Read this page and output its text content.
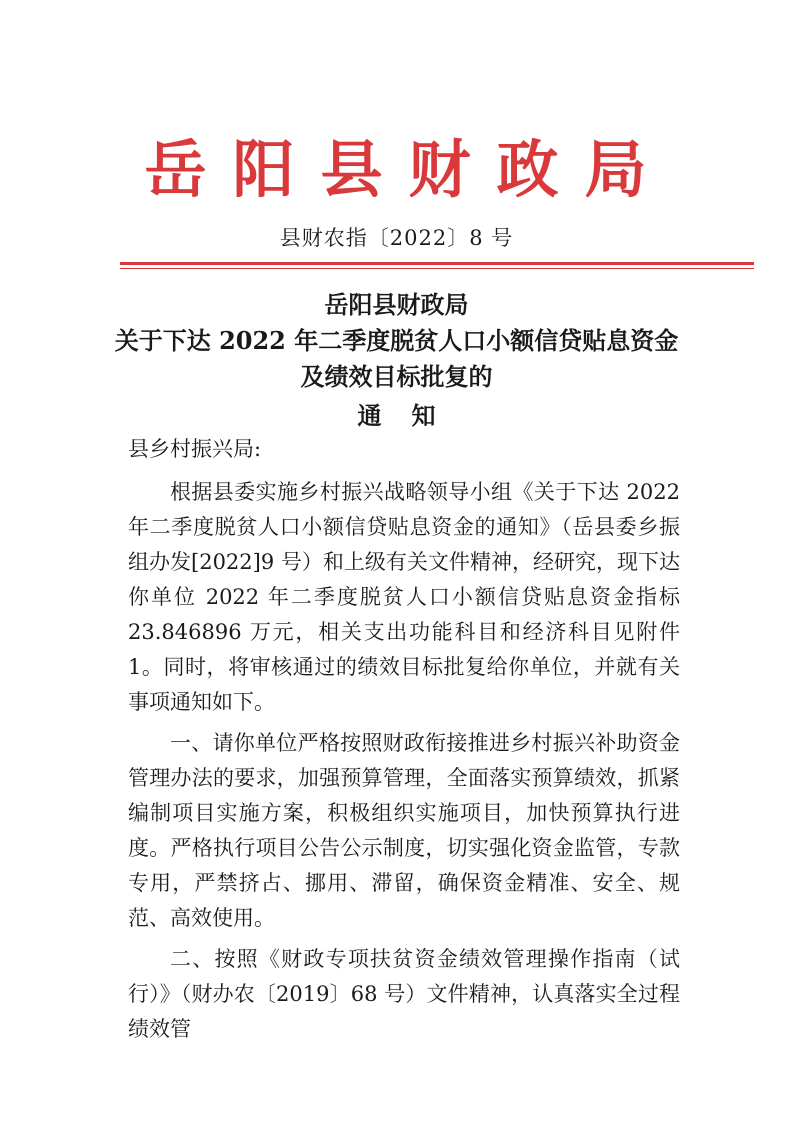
岳阳县财政局
县财农指〔2022〕8 号
岳阳县财政局
关于下达 2022 年二季度脱贫人口小额信贷贴息资金
及绩效目标批复的
通知

县乡村振兴局:

根据县委实施乡村振兴战略领导小组《关于下达 2022 年二季度脱贫人口小额信贷贴息资金的通知》（岳县委乡振组办发[2022]9 号）和上级有关文件精神，经研究，现下达你单位 2022 年二季度脱贫人口小额信贷贴息资金指标 23.846896 万元，相关支出功能科目和经济科目见附件 1。同时，将审核通过的绩效目标批复给你单位，并就有关事项通知如下。

一、请你单位严格按照财政衔接推进乡村振兴补助资金管理办法的要求，加强预算管理，全面落实预算绩效，抓紧编制项目实施方案，积极组织实施项目，加快预算执行进度。严格执行项目公告公示制度，切实强化资金监管，专款专用，严禁挤占、挪用、滞留，确保资金精准、安全、规范、高效使用。

二、按照《财政专项扶贫资金绩效管理操作指南（试行）》（财办农〔2019〕68 号）文件精神，认真落实全过程绩效管
